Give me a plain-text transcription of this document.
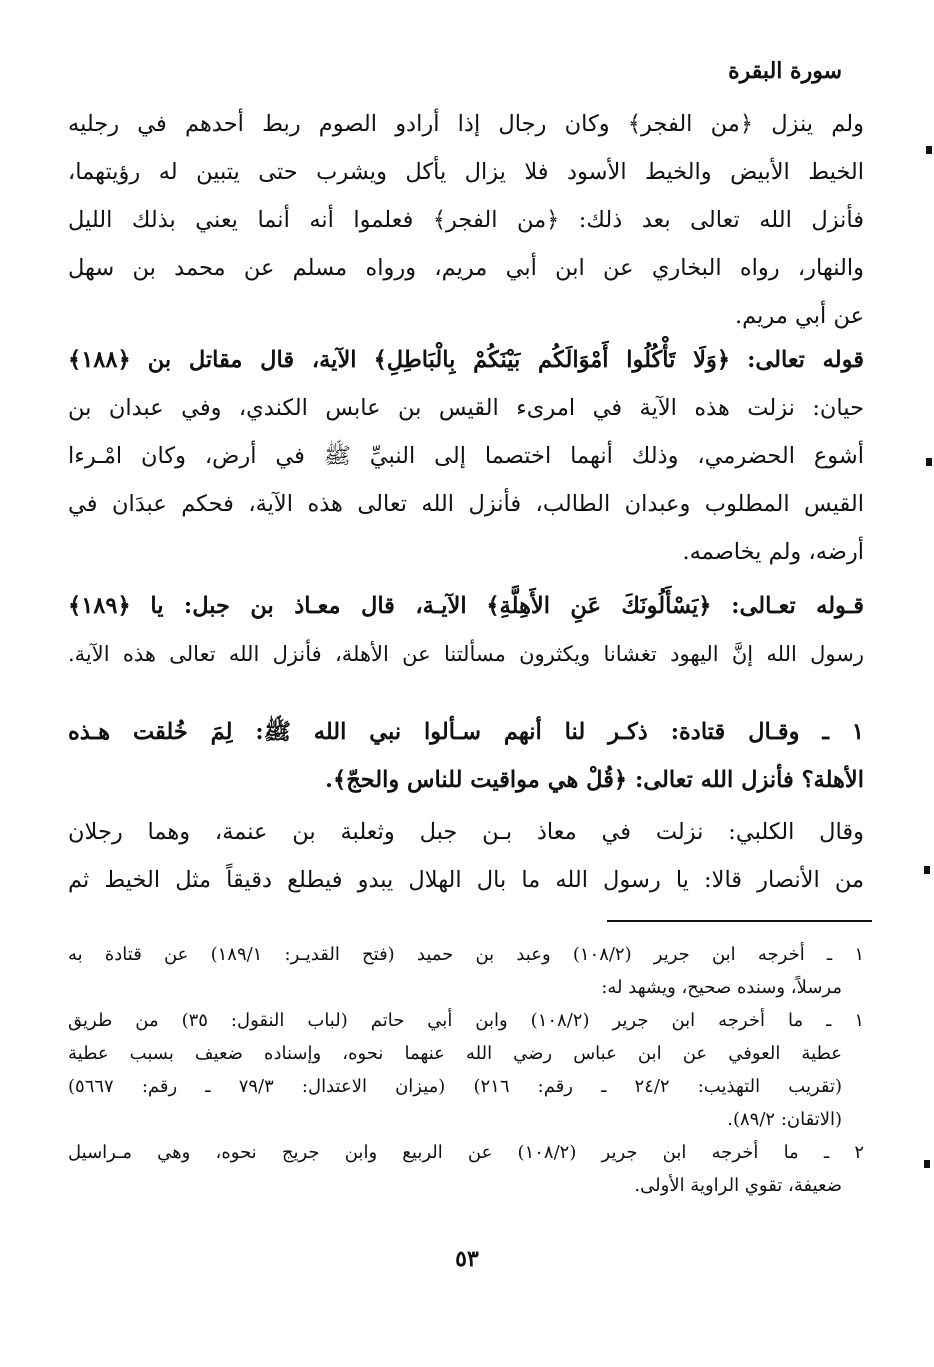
سورة البقرة
ولم ينزل ﴿من الفجر﴾ وكان رجال إذا أرادو الصوم ربط أحدهم في رجليه
الخيط الأبيض والخيط الأسود فلا يزال يأكل ويشرب حتى يتبين له رؤيتهما،
فأنزل الله تعالى بعد ذلك: ﴿من الفجر﴾ فعلموا أنه أنما يعني بذلك الليل
والنهار، رواه البخاري عن ابن أبي مريم، ورواه مسلم عن محمد بن سهل
عن أبي مريم.
قوله تعالى: ﴿وَلَا تَأْكُلُوا أَمْوَالَكُم بَيْنَكُمْ بِالْبَاطِلِ﴾ الآية، قال مقاتل بن ﴿١٨٨﴾
حيان: نزلت هذه الآية في امرىء القيس بن عابس الكندي، وفي عبدان بن
أشوع الحضرمي، وذلك أنهما اختصما إلى النبيِّ ﷺ في أرض، وكان امْـرءا
القيس المطلوب وعبدان الطالب، فأنزل الله تعالى هذه الآية، فحكم عبدَان في
أرضه، ولم يخاصمه.
قـوله تعـالى: ﴿يَسْأَلُونَكَ عَنِ الأَهِلَّةِ﴾ الآيـة، قال معـاذ بن جبل: يا ﴿١٨٩﴾
رسول الله إنَّ اليهود تغشانا ويكثرون مسألتنا عن الأهلة، فأنزل الله تعالى هذه الآية.
١ ـ وقـال قتادة: ذكـر لنا أنهم سـألوا نبي الله ﷺ: لِمَ خُلقت هـذه
الأهلة؟ فأنزل الله تعالى: ﴿قُلْ هي مواقيت للناس والحجّ﴾.
وقال الكلبي: نزلت في معاذ بـن جبل وثعلبة بن عنمة، وهما رجلان
من الأنصار قالا: يا رسول الله ما بال الهلال يبدو فيطلع دقيقاً مثل الخيط ثم
١ ـ أخرجه ابن جرير (١٠٨/٢) وعبد بن حميد (فتح القديـر: ١٨٩/١) عن قتادة به
مرسلاً، وسنده صحيح، ويشهد له:
١ ـ ما أخرجه ابن جرير (١٠٨/٢) وابن أبي حاتم (لباب النقول: ٣٥) من طريق
عطية العوفي عن ابن عباس رضي الله عنهما نحوه، وإسناده ضعيف بسبب عطية
(تقريب التهذيب: ٢٤/٢ ـ رقم: ٢١٦) (ميزان الاعتدال: ٧٩/٣ ـ رقم: ٥٦٦٧)
(الاتقان: ٨٩/٢).
٢ ـ ما أخرجه ابن جرير (١٠٨/٢) عن الربيع وابن جريج نحوه، وهي مـراسيل
ضعيفة، تقوي الراوية الأولى.
٥٣
